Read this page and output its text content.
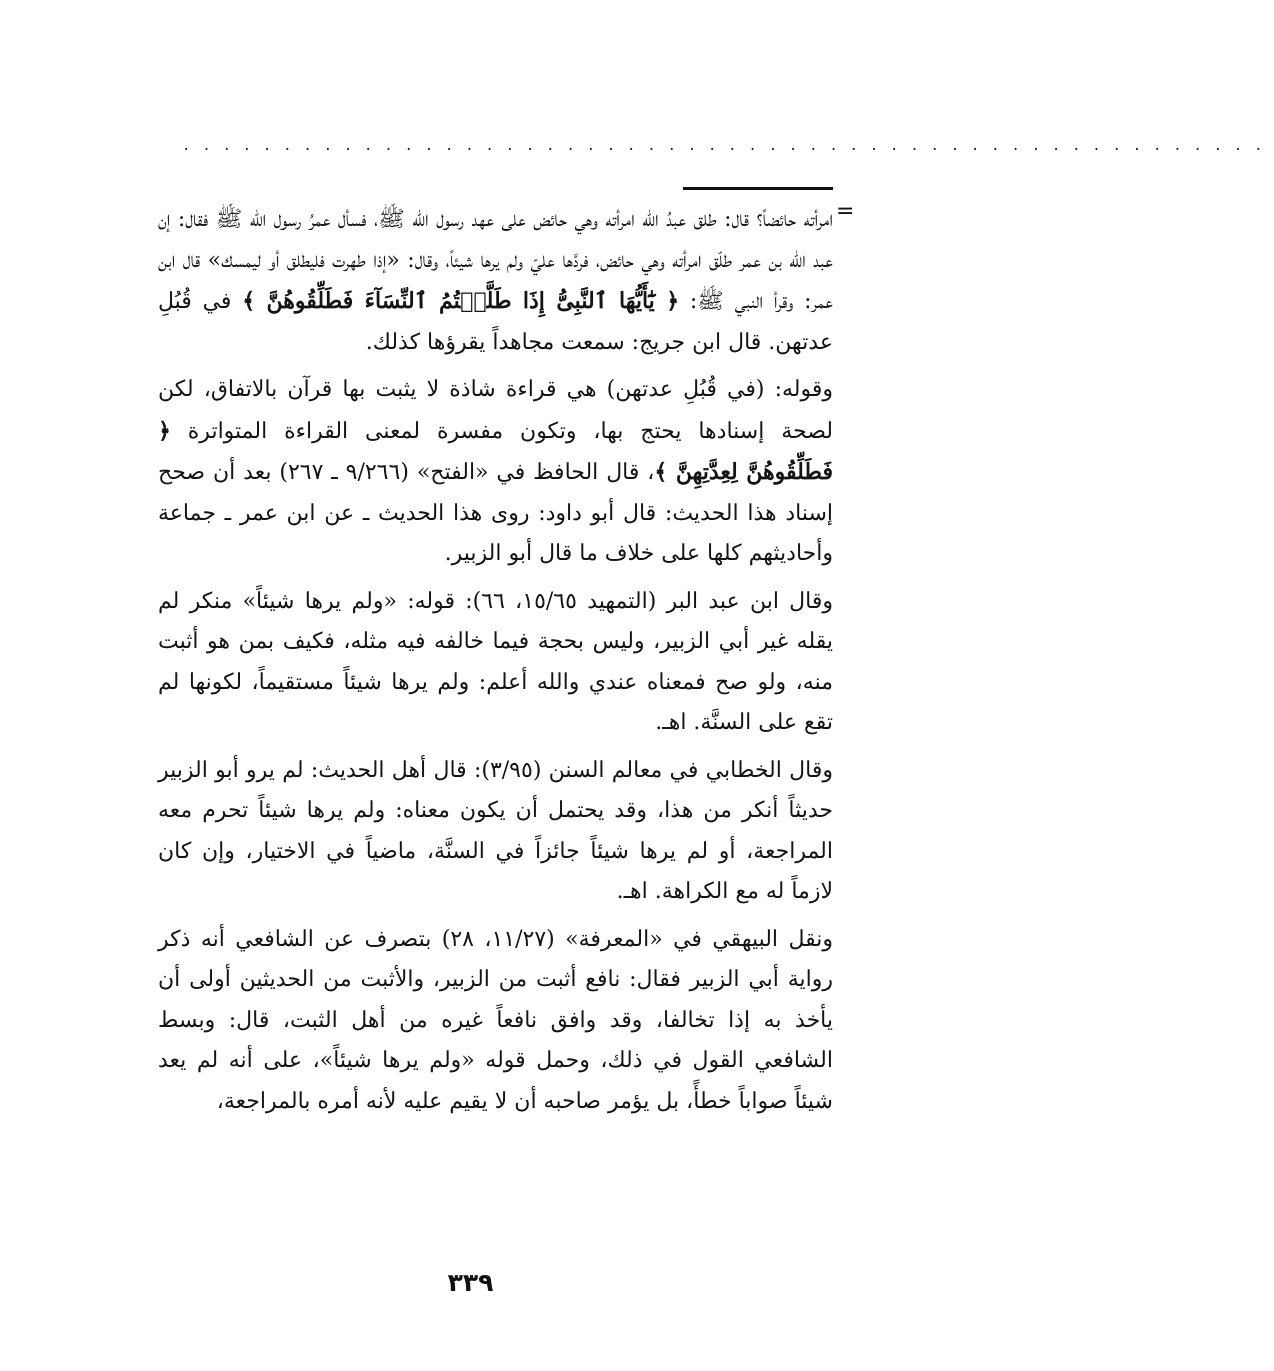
......................................................
=

امرأته حائضاً؟ قال: طلق عبدُ الله امرأته وهي حائض على عهد رسول الله ﷺ، فسأل عمرُ رسول الله ﷺ فقال: إن عبد الله بن عمر طلّق امرأته وهي حائض، فردَّها عليّ ولم يرها شيئاً، وقال: «إذا طهرت فليطلق أو ليمسك» قال ابن عمر: وقرأ النبي ﷺ: ﴿ يَٰٓأَيُّهَا ٱلنَّبِىُّ إِذَا طَلَّقۡتُمُ ٱلنِّسَآءَ فَطَلِّقُوهُنَّ ﴾ في قُبُلِ عدتهن. قال ابن جريج: سمعت مجاهداً يقرؤها كذلك.

وقوله: (في قُبُلِ عدتهن) هي قراءة شاذة لا يثبت بها قرآن بالاتفاق، لكن لصحة إسنادها يحتج بها، وتكون مفسرة لمعنى القراءة المتواترة ﴿ فَطَلِّقُوهُنَّ لِعِدَّتِهِنَّ ﴾، قال الحافظ في «الفتح» (٩/٢٦٦ ـ ٢٦٧) بعد أن صحح إسناد هذا الحديث: قال أبو داود: روى هذا الحديث ـ عن ابن عمر ـ جماعة وأحاديثهم كلها على خلاف ما قال أبو الزبير.

وقال ابن عبد البر (التمهيد ١٥/٦٥، ٦٦): قوله: «ولم يرها شيئاً» منكر لم يقله غير أبي الزبير، وليس بحجة فيما خالفه فيه مثله، فكيف بمن هو أثبت منه، ولو صح فمعناه عندي والله أعلم: ولم يرها شيئاً مستقيماً، لكونها لم تقع على السنَّة. اهـ.

وقال الخطابي في معالم السنن (٣/٩٥): قال أهل الحديث: لم يرو أبو الزبير حديثاً أنكر من هذا، وقد يحتمل أن يكون معناه: ولم يرها شيئاً تحرم معه المراجعة، أو لم يرها شيئاً جائزاً في السنَّة، ماضياً في الاختيار، وإن كان لازماً له مع الكراهة. اهـ.

ونقل البيهقي في «المعرفة» (١١/٢٧، ٢٨) بتصرف عن الشافعي أنه ذكر رواية أبي الزبير فقال: نافع أثبت من الزبير، والأثبت من الحديثين أولى أن يأخذ به إذا تخالفا، وقد وافق نافعاً غيره من أهل الثبت، قال: وبسط الشافعي القول في ذلك، وحمل قوله «ولم يرها شيئاً»، على أنه لم يعد شيئاً صواباً خطأً، بل يؤمر صاحبه أن لا يقيم عليه لأنه أمره بالمراجعة،

٣٣٩
